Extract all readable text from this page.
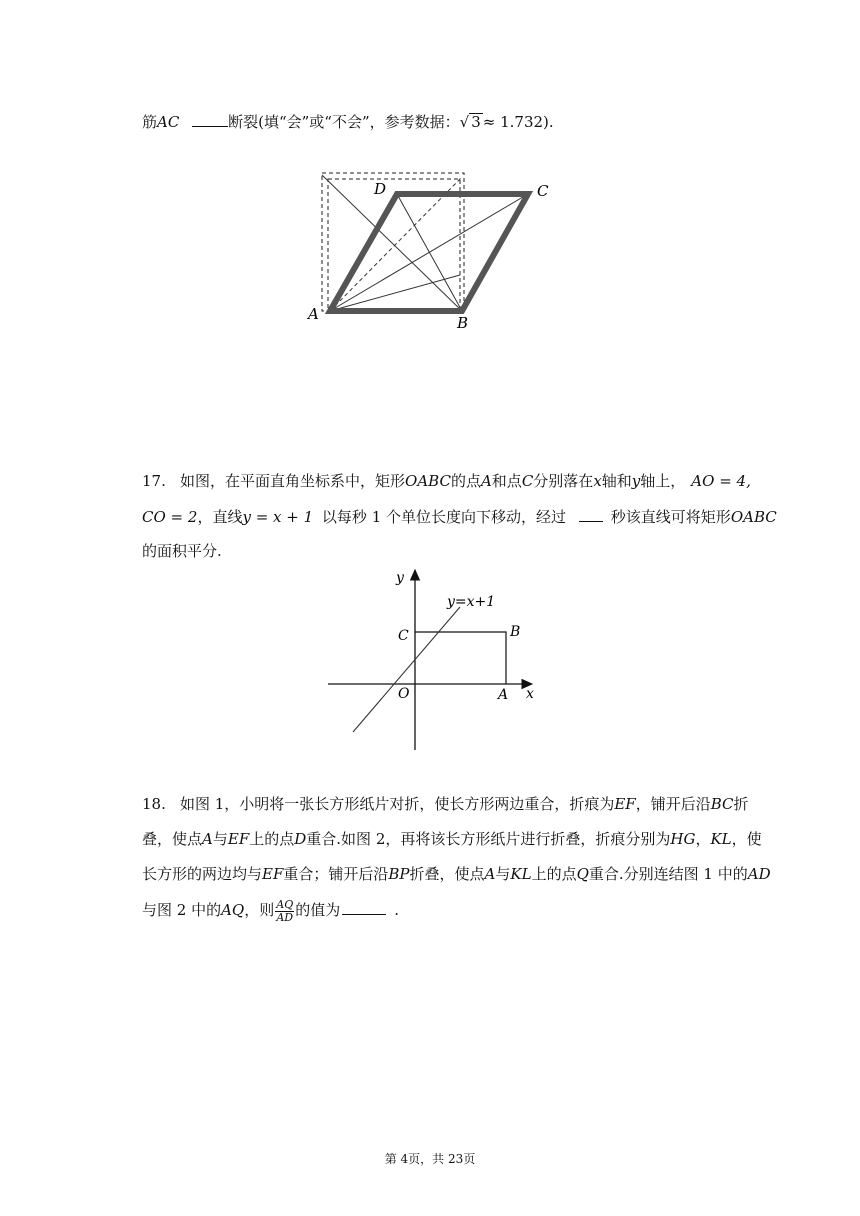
筋AC	断裂(填“会”或“不会”，参考数据：√ 3 ≈ 1.732).
D	C
A	B
17. 如图，在平面直角坐标系中，矩形OABC的点A和点C分别落在x轴和y轴上， AO = 4,
CO = 2，直线y = x + 1 以每秒 1 个单位长度向下移动，经过	秒该直线可将矩形OABC
的面积平分.
y
x
y=x+1
C	B
O	A
18. 如图 1，小明将一张长方形纸片对折，使长方形两边重合，折痕为EF，铺开后沿BC折
叠，使点A与EF上的点D重合.如图 2，再将该长方形纸片进行折叠，折痕分别为HG，KL，使
长方形的两边均与EF重合；铺开后沿BP折叠，使点A与KL上的点Q重合.分别连结图 1 中的AD
与图 2 中的AQ，则 $\frac{AQ}{AD}$ 的值为	.
第 4页，共 23页
